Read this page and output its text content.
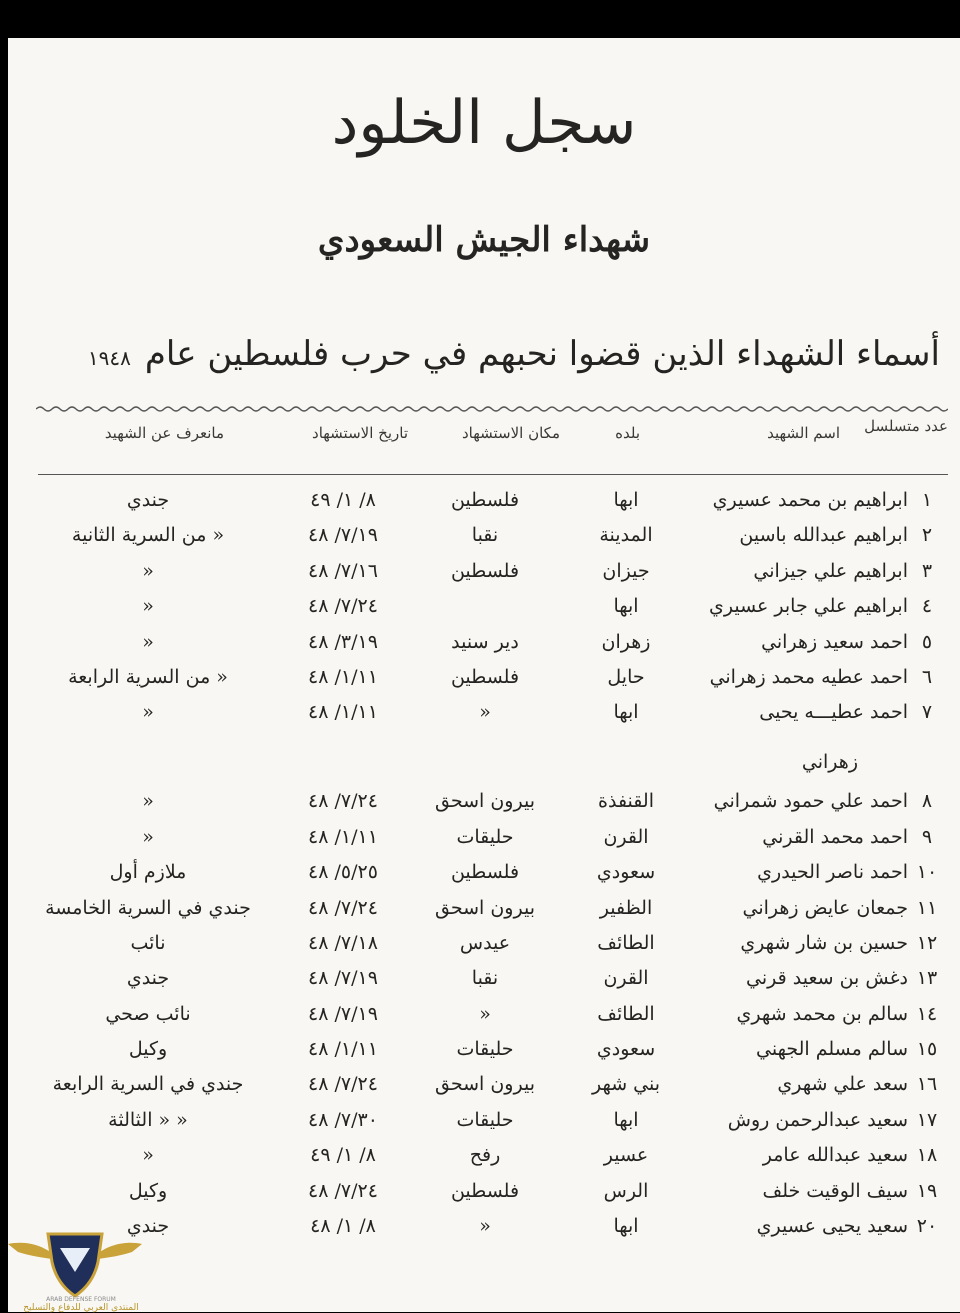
سجل الخلود
شهداء الجيش السعودي
أسماء الشهداء الذين قضوا نحبهم في حرب فلسطين عام١٩٤٨
عدد متسلسل
اسم الشهيد
بلده
مكان الاستشهاد
تاريخ الاستشهاد
مانعرف عن الشهيد
١
ابراهيم بن محمد عسيري
ابها
فلسطين
٨/ ١/ ٤٩
جندي
٢
ابراهيم عبدالله باسين
المدينة
نقبا
٧/١٩/ ٤٨
« من السرية الثانية
٣
ابراهيم علي جيزاني
جيزان
فلسطين
٧/١٦/ ٤٨
«
٤
ابراهيم علي جابر عسيري
ابها
٧/٢٤/ ٤٨
«
٥
احمد سعيد زهراني
زهران
دير سنيد
٣/١٩/ ٤٨
«
٦
احمد عطيه محمد زهراني
حايل
فلسطين
١/١١/ ٤٨
« من السرية الرابعة
٧
احمد عطيـــه يحيى
ابها
«
١/١١/ ٤٨
«
زهراني
٨
احمد علي حمود شمراني
القنفذة
بيرون اسحق
٧/٢٤/ ٤٨
«
٩
احمد محمد القرني
القرن
حليقات
١/١١/ ٤٨
«
١٠
احمد ناصر الحيدري
سعودي
فلسطين
٥/٢٥/ ٤٨
ملازم أول
١١
جمعان عايض زهراني
الظفير
بيرون اسحق
٧/٢٤/ ٤٨
جندي في السرية الخامسة
١٢
حسين بن شار شهري
الطائف
عيدس
٧/١٨/ ٤٨
نائب
١٣
دغش بن سعيد قرني
القرن
نقبا
٧/١٩/ ٤٨
جندي
١٤
سالم بن محمد شهري
الطائف
«
٧/١٩/ ٤٨
نائب صحي
١٥
سالم مسلم الجهني
سعودي
حليقات
١/١١/ ٤٨
وكيل
١٦
سعد علي شهري
بني شهر
بيرون اسحق
٧/٢٤/ ٤٨
جندي في السرية الرابعة
١٧
سعيد عبدالرحمن روش
ابها
حليقات
٧/٣٠/ ٤٨
« « الثالثة
١٨
سعيد عبدالله عامر
عسير
رفح
٨/ ١/ ٤٩
«
١٩
سيف الوقيت خلف
الرس
فلسطين
٧/٢٤/ ٤٨
وكيل
٢٠
سعيد يحيى عسيري
ابها
«
٨/ ١/ ٤٨
جندي
ARAB DEFENSE FORUM
المنتدى العربي للدفاع والتسليح
